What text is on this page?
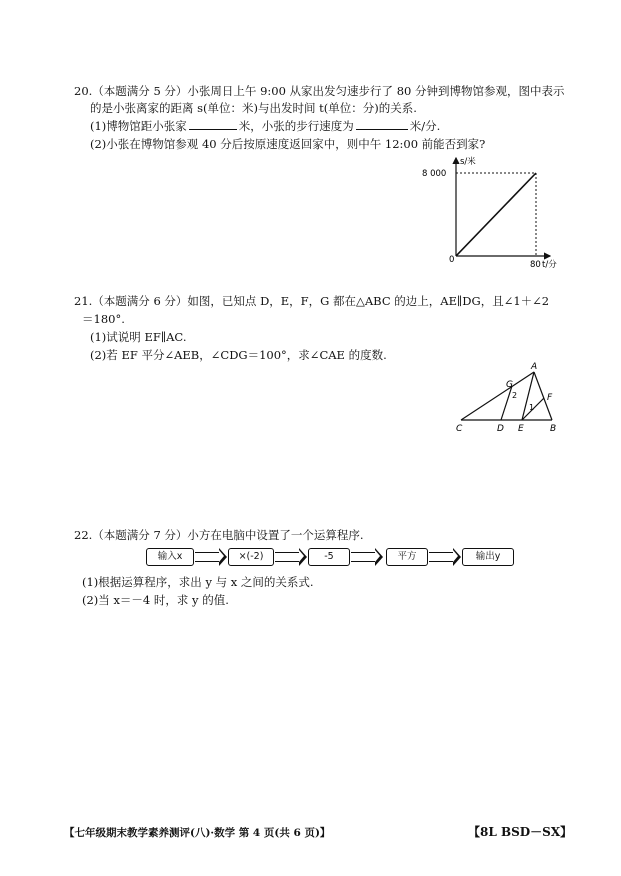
20.（本题满分 5 分）小张周日上午 9:00 从家出发匀速步行了 80 分钟到博物馆参观，图中表示
的是小张离家的距离 s(单位：米)与出发时间 t(单位：分)的关系.
(1)博物馆距小张家	米，小张的步行速度为	米/分.
(2)小张在博物馆参观 40 分后按原速度返回家中，则中午 12:00 前能否到家?
s/米
8 000
0	80 t/分
21.（本题满分 6 分）如图，已知点 D，E，F，G 都在△ABC 的边上，AE∥DG，且∠1＋∠2
＝180°.
(1)试说明 EF∥AC.
(2)若 EF 平分∠AEB，∠CDG＝100°，求∠CAE 的度数.
A
G
2	F
1
C	D E	B
22.（本题满分 7 分）小方在电脑中设置了一个运算程序.
输入x	×(-2)	-5	平方	输出y
(1)根据运算程序，求出 y 与 x 之间的关系式.
(2)当 x＝－4 时，求 y 的值.
【七年级期末教学素养测评(八)·数学 第 4 页(共 6 页)】	【8L BSD－SX】
